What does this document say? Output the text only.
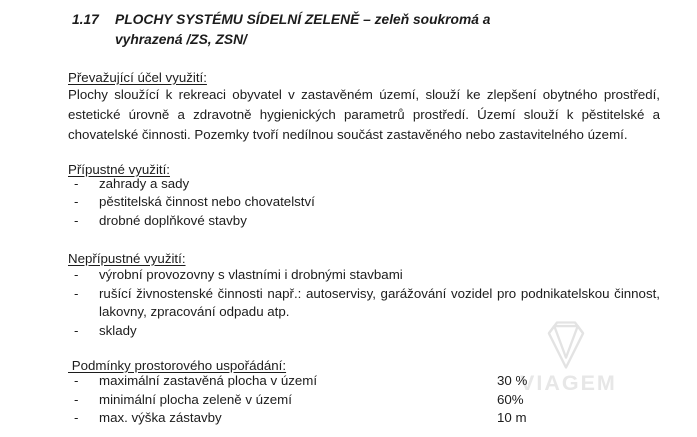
VIAGEM
1.17 PLOCHY SYSTÉMU SÍDELNÍ ZELENĚ – zeleň soukromá a
vyhrazená /ZS, ZSN/
Převažující účel využití:
Plochy sloužící k rekreaci obyvatel v zastavěném území, slouží ke zlepšení obytného prostředí, estetické úrovně a zdravotně hygienických parametrů prostředí. Území slouží k pěstitelské a chovatelské činnosti. Pozemky tvoří nedílnou součást zastavěného nebo zastavitelného území.
Přípustné využití:
- zahrady a sady
- pěstitelská činnost nebo chovatelství
- drobné doplňkové stavby
Nepřípustné využití:
- výrobní provozovny s vlastními i drobnými stavbami
- rušící živnostenské činnosti např.: autoservisy, garážování vozidel pro podnikatelskou činnost, lakovny, zpracování odpadu atp.
- sklady
Podmínky prostorového uspořádání:
- maximální zastavěná plocha v území	30 %
- minimální plocha zeleně v území	60%
- max. výška zástavby	10 m
